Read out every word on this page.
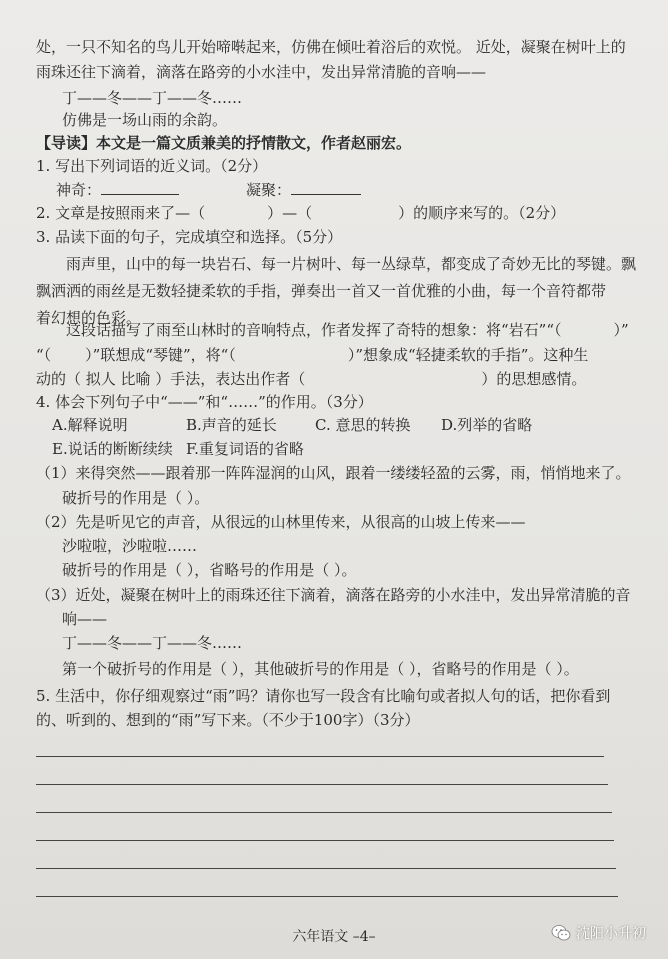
处，一只不知名的鸟儿开始啼啭起来，仿佛在倾吐着浴后的欢悦。 近处，凝聚在树叶上的
雨珠还往下滴着，滴落在路旁的小水洼中，发出异常清脆的音响——
丁——冬——丁——冬……
仿佛是一场山雨的余韵。
【导读】本文是一篇文质兼美的抒情散文，作者赵丽宏。
1. 写出下列词语的近义词。（2分）
神奇：	凝聚：
2. 文章是按照雨来了—（	）—（	）的顺序来写的。（2分）
3. 品读下面的句子，完成填空和选择。（5分）
雨声里，山中的每一块岩石、每一片树叶、每一丛绿草，都变成了奇妙无比的琴键。飘
飘洒洒的雨丝是无数轻捷柔软的手指，弹奏出一首又一首优雅的小曲，每一个音符都带
着幻想的色彩。
这段话描写了雨至山林时的音响特点，作者发挥了奇特的想象：将“岩石”“（	）”
“（ ）”联想成“琴键”，将“（	）”想象成“轻捷柔软的手指”。这种生
动的（ 拟人 比喻 ）手法，表达出作者（	）的思想感情。
4. 体会下列句子中“——”和“……”的作用。（3分）
A.解释说明	B.声音的延长	C. 意思的转换 D.列举的省略
E.说话的断断续续 F.重复词语的省略
（1）来得突然——跟着那一阵阵湿润的山风，跟着一缕缕轻盈的云雾，雨，悄悄地来了。
破折号的作用是（ ）。
（2）先是听见它的声音，从很远的山林里传来，从很高的山坡上传来——
沙啦啦，沙啦啦……
破折号的作用是（ ），省略号的作用是（ ）。
（3）近处，凝聚在树叶上的雨珠还往下滴着，滴落在路旁的小水洼中，发出异常清脆的音
响——
丁——冬——丁——冬……
第一个破折号的作用是（ ），其他破折号的作用是（ ），省略号的作用是（ ）。
5. 生活中，你仔细观察过“雨”吗？请你也写一段含有比喻句或者拟人句的话，把你看到
的、听到的、想到的“雨”写下来。（不少于100字）（3分）
六年语文 –4–	沈阳小升初
